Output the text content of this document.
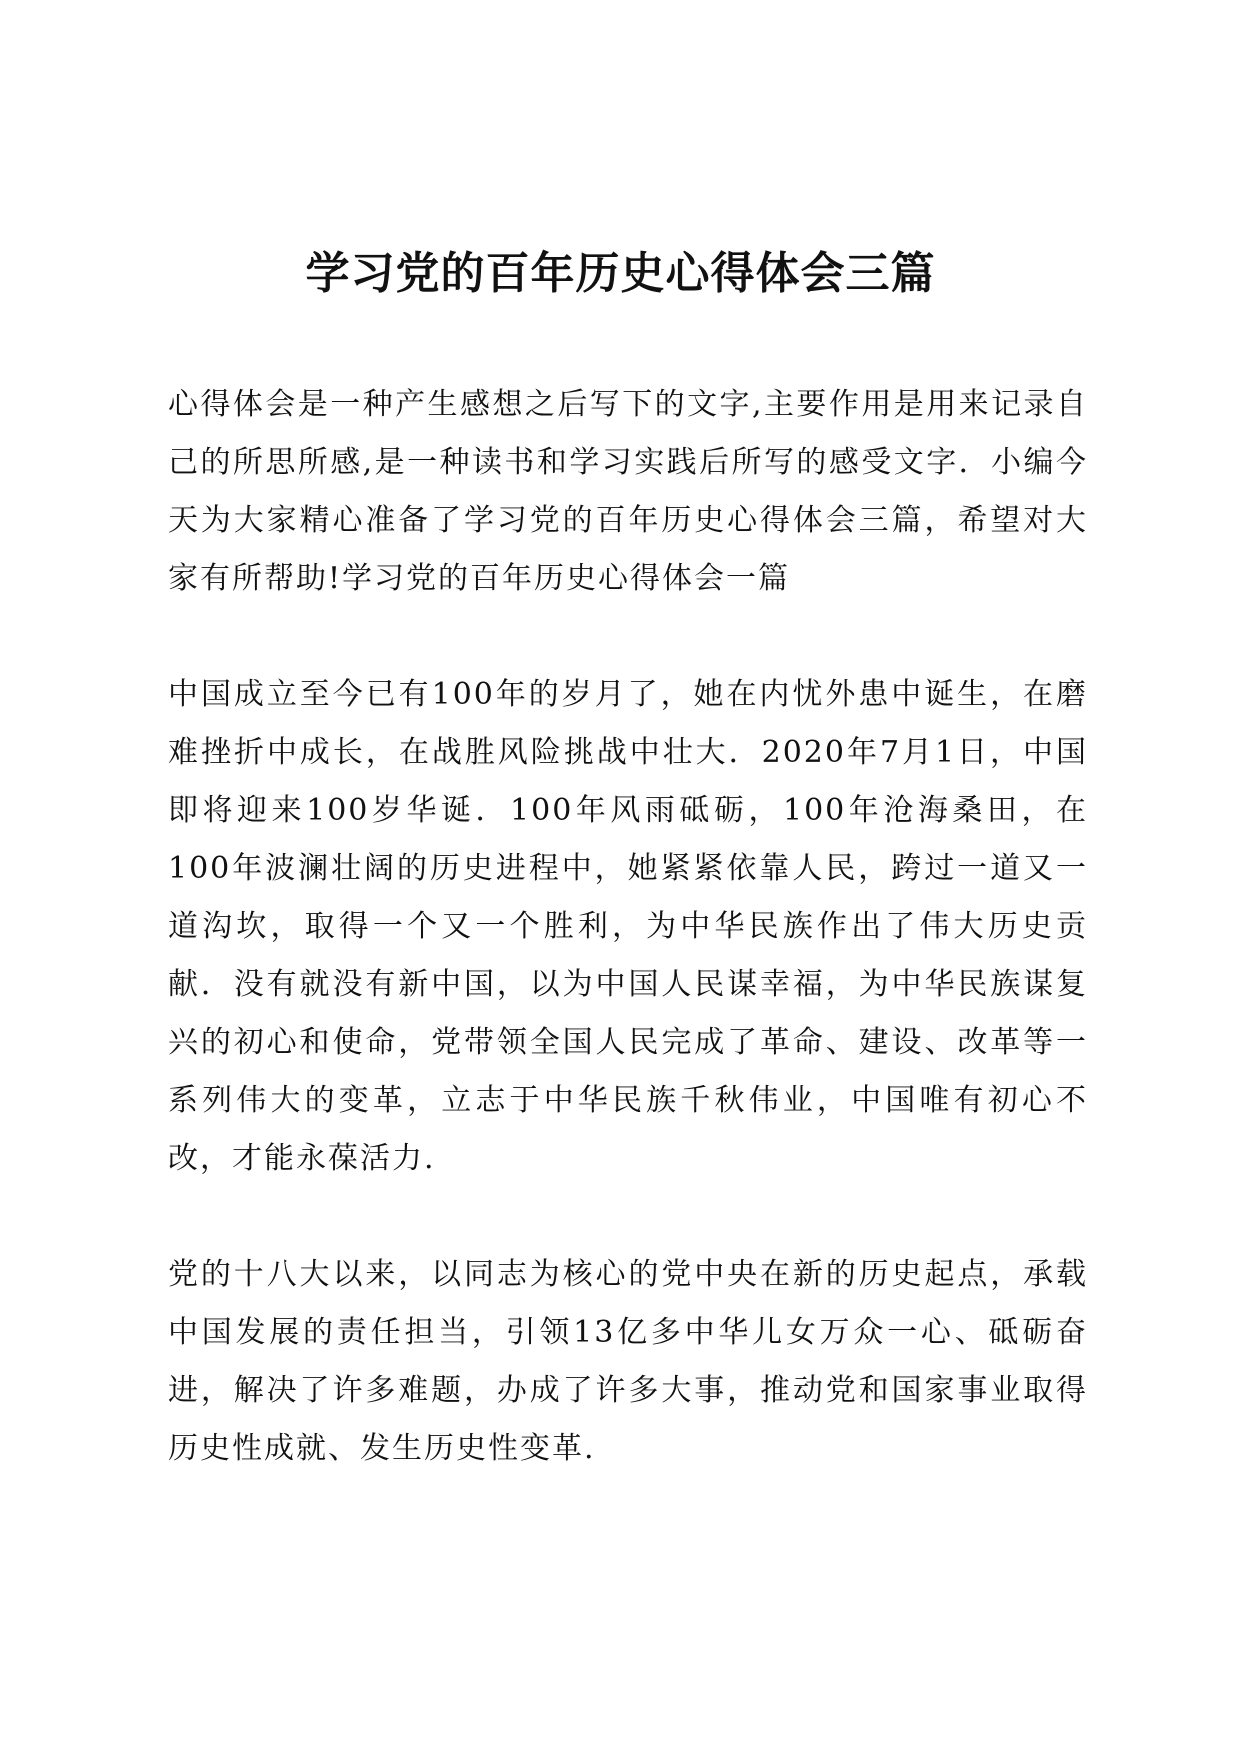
学习党的百年历史心得体会三篇

心得体会是一种产生感想之后写下的文字,主要作用是用来记录自己的所思所感,是一种读书和学习实践后所写的感受文字．小编今天为大家精心准备了学习党的百年历史心得体会三篇，希望对大家有所帮助!学习党的百年历史心得体会一篇

中国成立至今已有100年的岁月了，她在内忧外患中诞生，在磨难挫折中成长，在战胜风险挑战中壮大．2020年7月1日，中国即将迎来100岁华诞．100年风雨砥砺，100年沧海桑田，在100年波澜壮阔的历史进程中，她紧紧依靠人民，跨过一道又一道沟坎，取得一个又一个胜利，为中华民族作出了伟大历史贡献．没有就没有新中国，以为中国人民谋幸福，为中华民族谋复兴的初心和使命，党带领全国人民完成了革命、建设、改革等一系列伟大的变革，立志于中华民族千秋伟业，中国唯有初心不改，才能永葆活力.

党的十八大以来，以同志为核心的党中央在新的历史起点，承载中国发展的责任担当，引领13亿多中华儿女万众一心、砥砺奋进，解决了许多难题，办成了许多大事，推动党和国家事业取得历史性成就、发生历史性变革.
